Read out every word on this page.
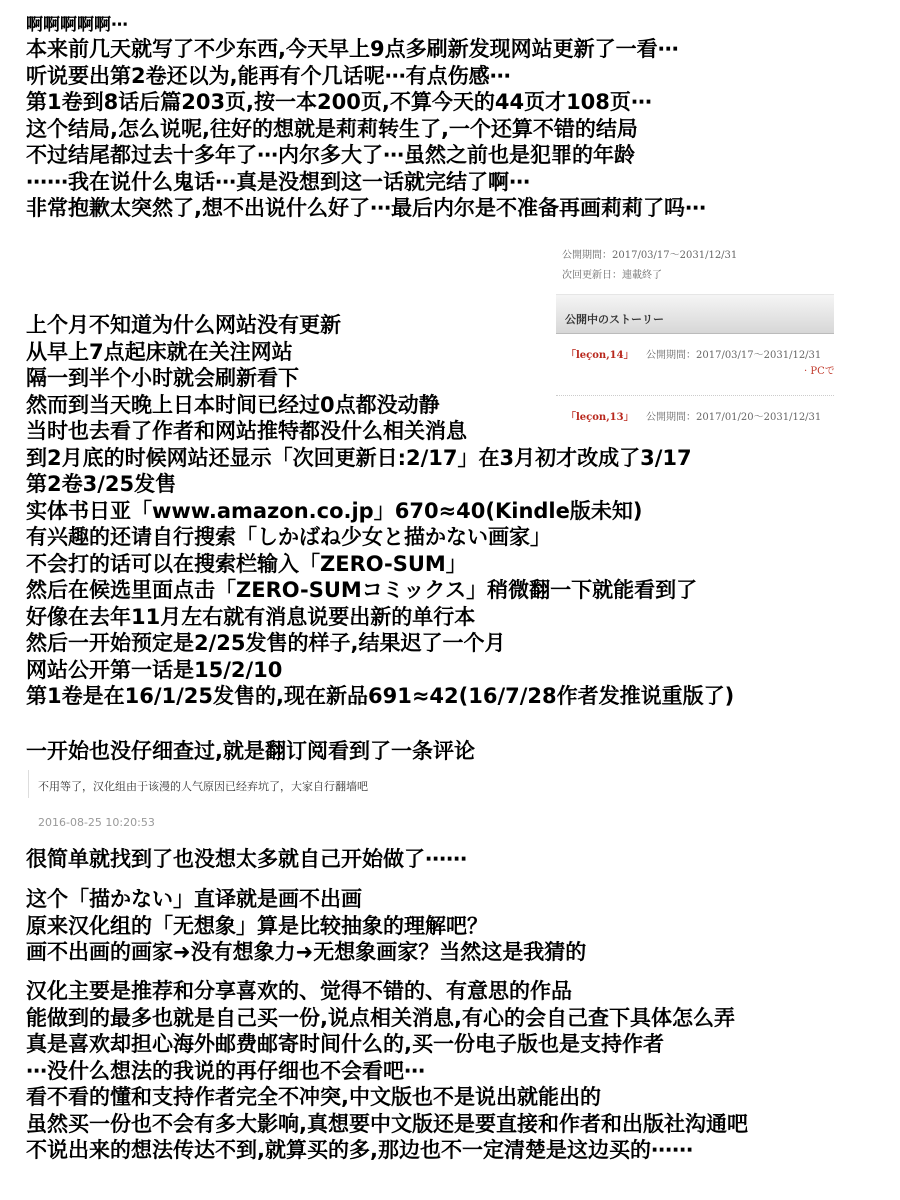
啊啊啊啊啊⋯
本来前几天就写了不少东西,今天早上9点多刷新发现网站更新了一看⋯
听说要出第2卷还以为,能再有个几话呢⋯有点伤感⋯
第1卷到8话后篇203页,按一本200页,不算今天的44页才108页⋯
这个结局,怎么说呢,往好的想就是莉莉转生了,一个还算不错的结局
不过结尾都过去十多年了⋯内尔多大了⋯虽然之前也是犯罪的年龄
⋯⋯我在说什么鬼话⋯真是没想到这一话就完结了啊⋯
非常抱歉太突然了,想不出说什么好了⋯最后内尔是不准备再画莉莉了吗⋯
公開期間：2017/03/17〜2031/12/31
次回更新日：連載終了
公開中のストーリー
「leçon,14」 公開期間：2017/03/17〜2031/12/31
· PCで
「leçon,13」 公開期間：2017/01/20〜2031/12/31
上个月不知道为什么网站没有更新
从早上7点起床就在关注网站
隔一到半个小时就会刷新看下
然而到当天晚上日本时间已经过0点都没动静
当时也去看了作者和网站推特都没什么相关消息
到2月底的时候网站还显示「次回更新日:2/17」在3月初才改成了3/17
第2卷3/25发售
实体书日亚「www.amazon.co.jp」670≈40(Kindle版未知)
有兴趣的还请自行搜索「しかばね少女と描かない画家」
不会打的话可以在搜索栏输入「ZERO-SUM」
然后在候选里面点击「ZERO-SUMコミックス」稍微翻一下就能看到了
好像在去年11月左右就有消息说要出新的单行本
然后一开始预定是2/25发售的样子,结果迟了一个月
网站公开第一话是15/2/10
第1卷是在16/1/25发售的,现在新品691≈42(16/7/28作者发推说重版了)
一开始也没仔细查过,就是翻订阅看到了一条评论
不用等了，汉化组由于该漫的人气原因已经弃坑了，大家自行翻墙吧
2016-08-25 10:20:53
很简单就找到了也没想太多就自己开始做了⋯⋯
这个「描かない」直译就是画不出画
原来汉化组的「无想象」算是比较抽象的理解吧？
画不出画的画家➜没有想象力➜无想象画家？当然这是我猜的
汉化主要是推荐和分享喜欢的、觉得不错的、有意思的作品
能做到的最多也就是自己买一份,说点相关消息,有心的会自己查下具体怎么弄
真是喜欢却担心海外邮费邮寄时间什么的,买一份电子版也是支持作者
⋯没什么想法的我说的再仔细也不会看吧⋯
看不看的懂和支持作者完全不冲突,中文版也不是说出就能出的
虽然买一份也不会有多大影响,真想要中文版还是要直接和作者和出版社沟通吧
不说出来的想法传达不到,就算买的多,那边也不一定清楚是这边买的⋯⋯
